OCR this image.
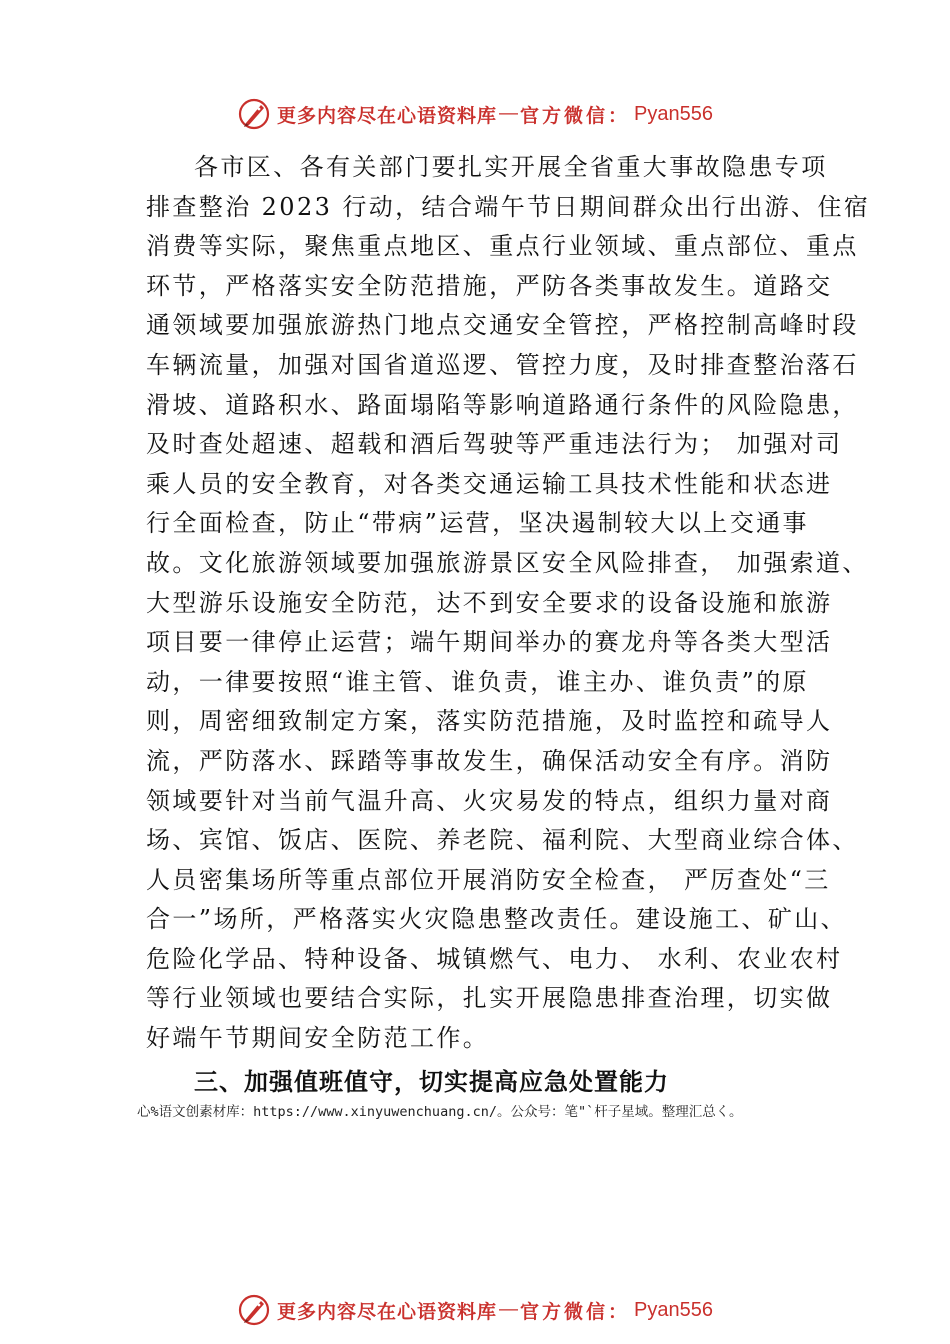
更多内容尽在心语资料库 — 官方微信： Pyan556
各市区、各有关部门要扎实开展全省重大事故隐患专项
排查整治 2023 行动，结合端午节日期间群众出行出游、住宿
消费等实际，聚焦重点地区、重点行业领域、重点部位、重点
环节，严格落实安全防范措施，严防各类事故发生。道路交
通领域要加强旅游热门地点交通安全管控，严格控制高峰时段
车辆流量，加强对国省道巡逻、管控力度，及时排查整治落石
滑坡、道路积水、路面塌陷等影响道路通行条件的风险隐患，
及时查处超速、超载和酒后驾驶等严重违法行为； 加强对司
乘人员的安全教育，对各类交通运输工具技术性能和状态进
行全面检查，防止“带病”运营，坚决遏制较大以上交通事
故。文化旅游领域要加强旅游景区安全风险排查， 加强索道、
大型游乐设施安全防范，达不到安全要求的设备设施和旅游
项目要一律停止运营；端午期间举办的赛龙舟等各类大型活
动，一律要按照“谁主管、谁负责，谁主办、谁负责”的原
则，周密细致制定方案，落实防范措施，及时监控和疏导人
流，严防落水、踩踏等事故发生，确保活动安全有序。消防
领域要针对当前气温升高、火灾易发的特点，组织力量对商
场、宾馆、饭店、医院、养老院、福利院、大型商业综合体、
人员密集场所等重点部位开展消防安全检查， 严厉查处“三
合一”场所，严格落实火灾隐患整改责任。建设施工、矿山、
危险化学品、特种设备、城镇燃气、电力、 水利、农业农村
等行业领域也要结合实际，扎实开展隐患排查治理，切实做
好端午节期间安全防范工作。
三、加强值班值守，切实提高应急处置能力
心%语文创素材库：https://www.xinyuwenchuang.cn/。公众号：笔"`杆子星域。整理汇总く。
更多内容尽在心语资料库 — 官方微信： Pyan556
